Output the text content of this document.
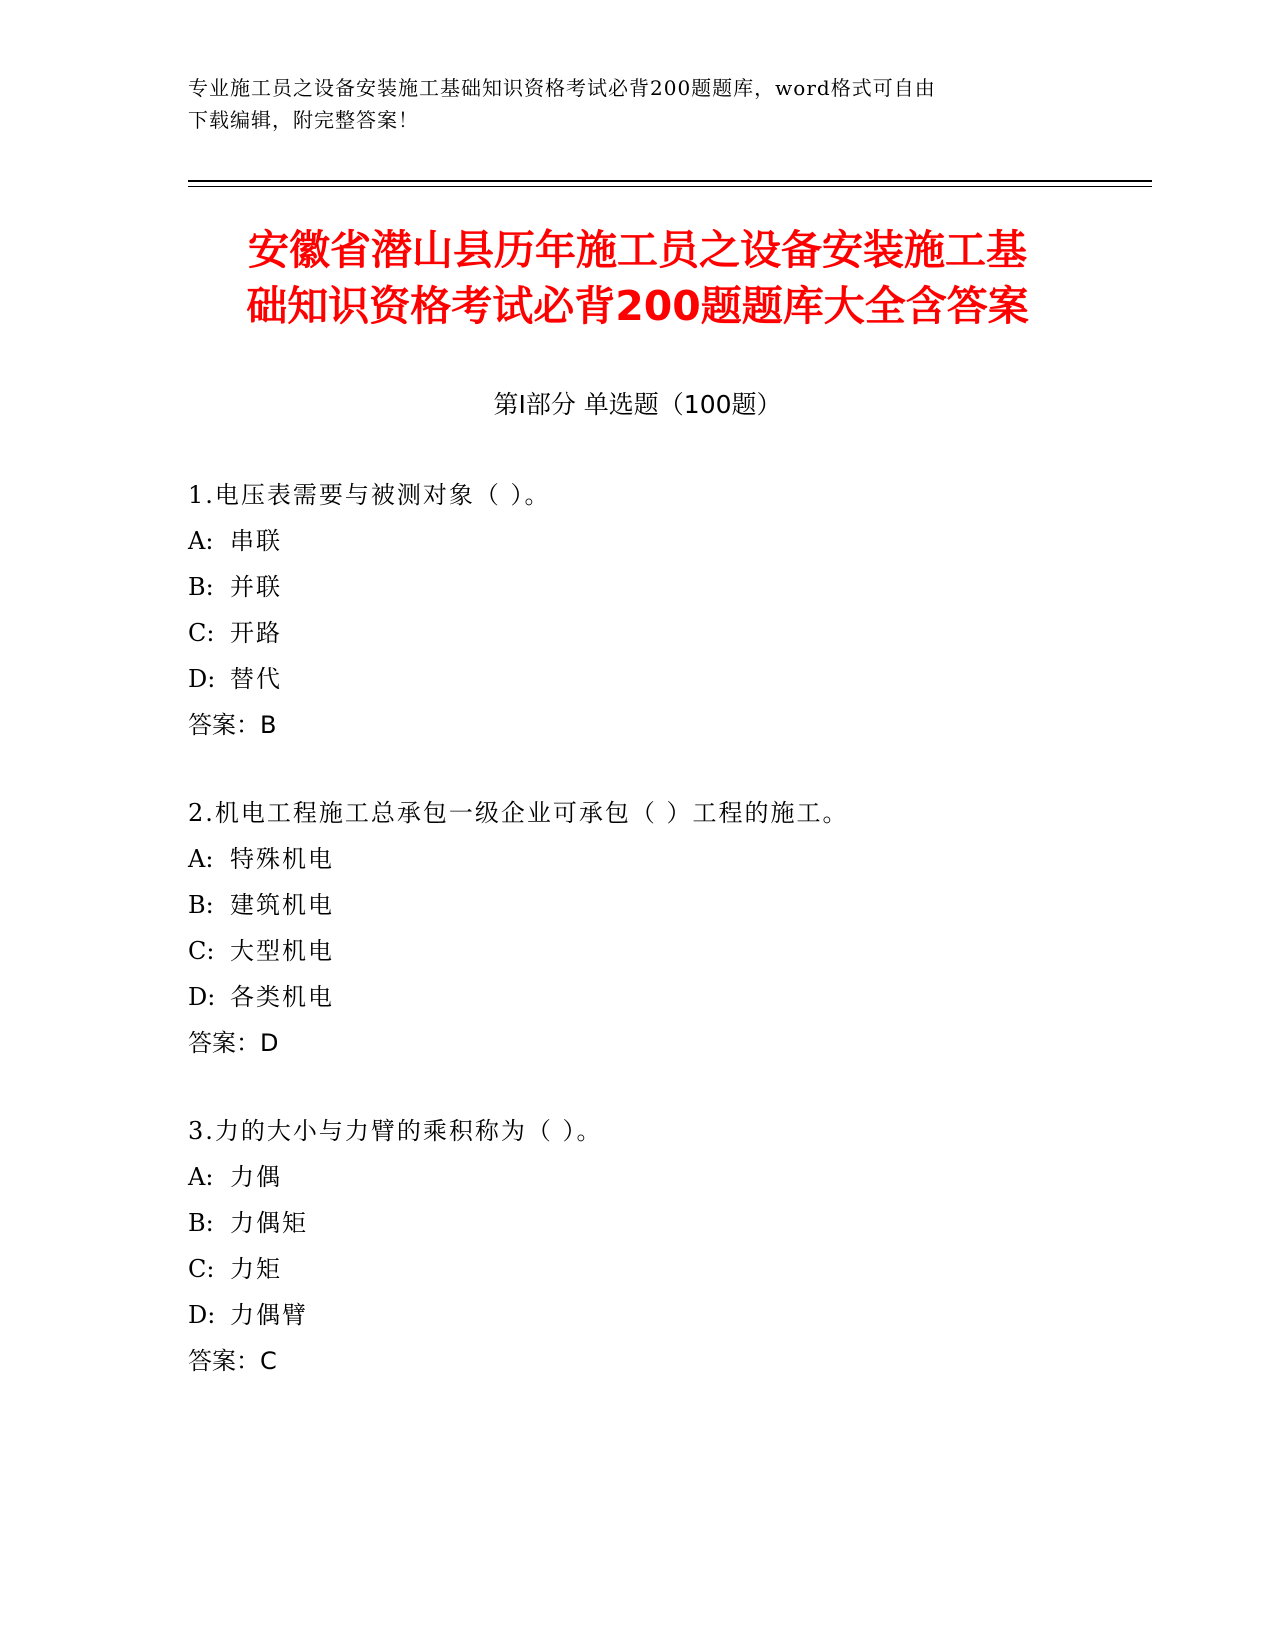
专业施工员之设备安装施工基础知识资格考试必背200题题库，word格式可自由
下载编辑，附完整答案！
安徽省潜山县历年施工员之设备安装施工基
础知识资格考试必背200题题库大全含答案
第Ⅰ部分 单选题（100题）
1.电压表需要与被测对象（ ）。
A: 串联
B: 并联
C: 开路
D: 替代
答案：B
2.机电工程施工总承包一级企业可承包（ ）工程的施工。
A: 特殊机电
B: 建筑机电
C: 大型机电
D: 各类机电
答案：D
3.力的大小与力臂的乘积称为（ ）。
A: 力偶
B: 力偶矩
C: 力矩
D: 力偶臂
答案：C
